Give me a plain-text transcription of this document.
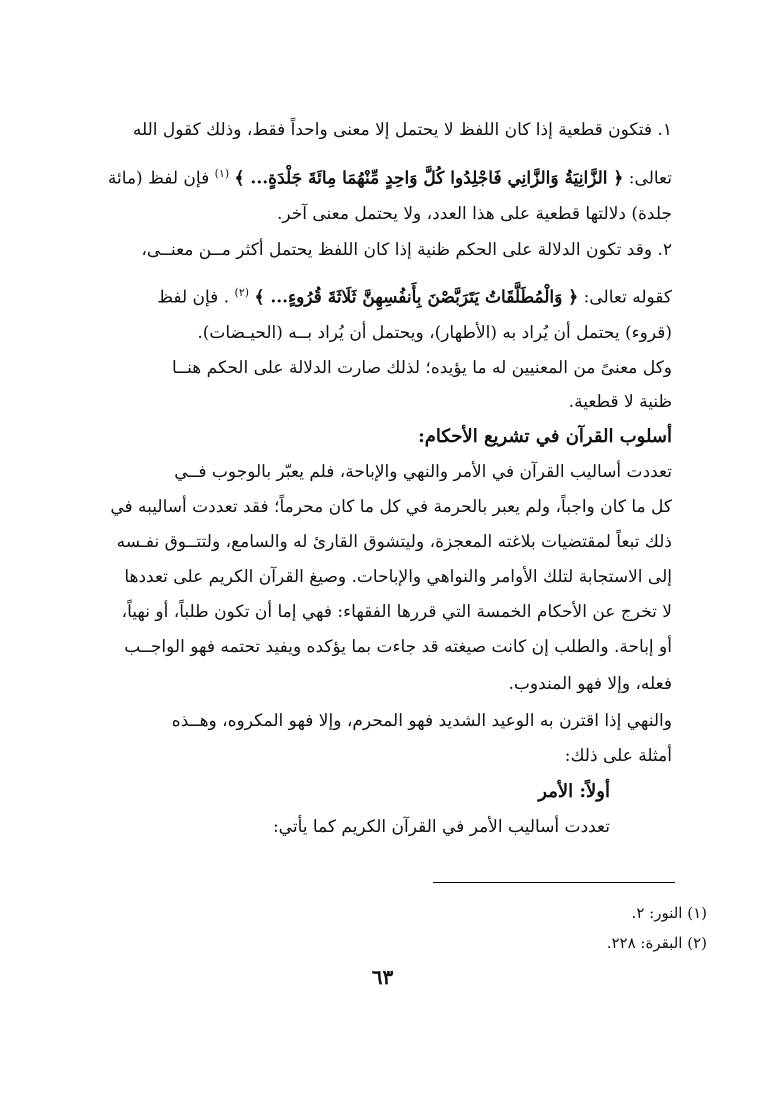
١. فتكون قطعية إذا كان اللفظ لا يحتمل إلا معنى واحداً فقط، وذلك كقول الله
تعالى: ﴿ الزَّانِيَةُ وَالزَّانِي فَاجْلِدُوا كُلَّ وَاحِدٍ مِّنْهُمَا مِائَةَ جَلْدَةٍ... ﴾ $^{(١)}$ فإن لفظ (مائة
جلدة) دلالتها قطعية على هذا العدد، ولا يحتمل معنى آخر.
٢. وقد تكون الدلالة على الحكم ظنية إذا كان اللفظ يحتمل أكثر مــن معنــى،
كقوله تعالى: ﴿ وَالْمُطَلَّقَاتُ يَتَرَبَّصْنَ بِأَنفُسِهِنَّ ثَلَاثَةَ قُرُوءٍ... ﴾ $^{(٢)}$ . فإن لفظ
(قروء) يحتمل أن يُراد به (الأطهار)، ويحتمل أن يُراد بــه (الحيـضات).
وكل معنىً من المعنيين له ما يؤيده؛ لذلك صارت الدلالة على الحكم هنــا
ظنية لا قطعية.
أسلوب القرآن في تشريع الأحكام:
تعددت أساليب القرآن في الأمر والنهي والإباحة، فلم يعبّر بالوجوب فــي
كل ما كان واجباً، ولم يعبر بالحرمة في كل ما كان محرماً؛ فقد تعددت أساليبه في
ذلك تبعاً لمقتضيات بلاغته المعجزة، وليتشوق القارئ له والسامع، ولتتــوق نفـسه
إلى الاستجابة لتلك الأوامر والنواهي والإباحات. وصيغ القرآن الكريم على تعددها
لا تخرج عن الأحكام الخمسة التي قررها الفقهاء: فهي إما أن تكون طلباً، أو نهياً،
أو إباحة. والطلب إن كانت صيغته قد جاءت بما يؤكده ويفيد تحتمه فهو الواجــب
فعله، وإلا فهو المندوب.
والنهي إذا اقترن به الوعيد الشديد فهو المحرم، وإلا فهو المكروه، وهــذه
أمثلة على ذلك:
أولاً: الأمر
تعددت أساليب الأمر في القرآن الكريم كما يأتي:
(١) النور: ٢.
(٢) البقرة: ٢٢٨.
٦٣
